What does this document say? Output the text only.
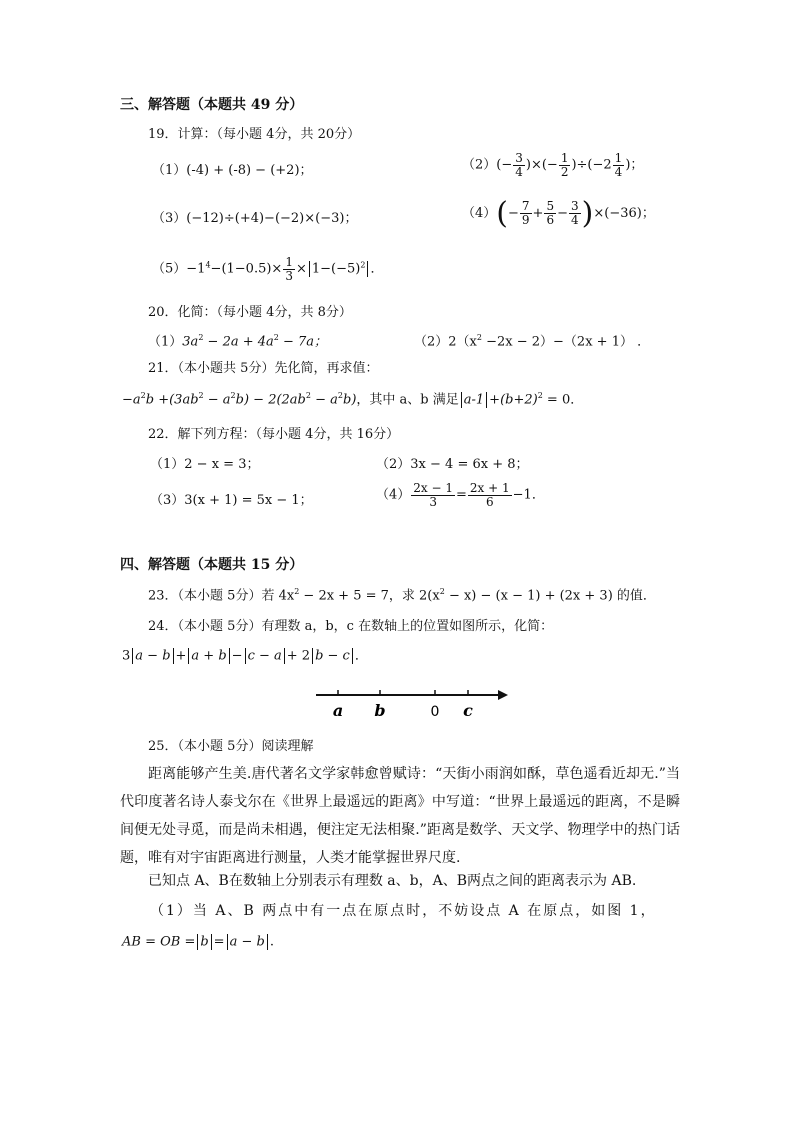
三、解答题（本题共 49 分）
19．计算：（每小题 4分，共 20分）
（1）(-4) + (-8) − (+2)；	$(2)(- \frac{3}{4}$ )×(− $\frac{1}{2} )\div(-2 \frac{1}{4}$ )；
（3）(−12)÷(+4)−(−2)×(−3)；	$(4)(- \frac{7}{9} + \frac{5}{6} - \frac{3}{4} )\times(-36)$；
$(5)-1^4-(1-0.5)\times \frac{1}{3} \times 1-(-5)^2$ ．
20．化简：（每小题 4分，共 8分）
$(1)3a^2 - 2a + 4a^2 - 7a$；	$(2)2(x^2 -2x - 2)-(2x + 1)$ ．
21．（本小题共 5分）先化简，再求值：
$-a^2b +(3ab^2 - a^2b) - 2(2ab^2 - a^2b)$，其中 a、b 满足 $a-1 +(b+2)^2 = 0$．
22．解下列方程：（每小题 4分，共 16分）
（1）2 − x = 3；	（2）3x − 4 = 6x + 8；
（3）3(x + 1) = 5x − 1；	$(4) \frac{2x - 1}{3} = \frac{2x + 1}{6} -1$．
四、解答题（本题共 15 分）
23．（本小题 5分）若 $4x^2 - 2x + 5 = 7$，求 $2(x^2 - x) - (x - 1) + (2x + 3)$ 的值．
24．（本小题 5分）有理数 a，b，c 在数轴上的位置如图所示，化简：
3 a − b + a + b − c − a + 2 b − c ．
a b	0 c
25．（本小题 5分）阅读理解
距离能够产生美.唐代著名文学家韩愈曾赋诗：“天街小雨润如酥，草色遥看近却无.”当代印度著名诗人泰戈尔在《世界上最遥远的距离》中写道：“世界上最遥远的距离，不是瞬间便无处寻觅，而是尚未相遇，便注定无法相聚.”距离是数学、天文学、物理学中的热门话题，唯有对宇宙距离进行测量，人类才能掌握世界尺度.
已知点 A、B在数轴上分别表示有理数 a、b，A、B两点之间的距离表示为 AB.
（1）当 A、B 两点中有一点在原点时，不妨设点 A 在原点，如图 1，
AB = OB = b = a − b .
